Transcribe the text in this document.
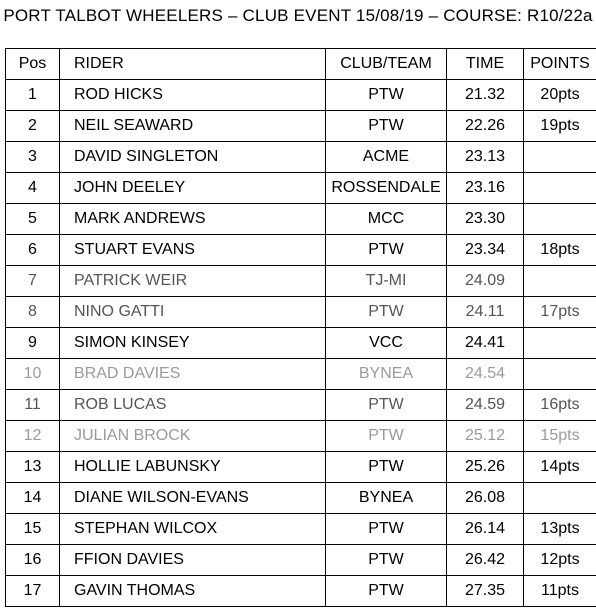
PORT TALBOT WHEELERS – CLUB EVENT 15/08/19 – COURSE: R10/22a
Pos	RIDER	CLUB/TEAM	TIME	POINTS
1	ROD HICKS	PTW	21.32	20pts
2	NEIL SEAWARD	PTW	22.26	19pts
3	DAVID SINGLETON	ACME	23.13	
4	JOHN DEELEY	ROSSENDALE	23.16	
5	MARK ANDREWS	MCC	23.30	
6	STUART EVANS	PTW	23.34	18pts
7	PATRICK WEIR	TJ-MI	24.09	
8	NINO GATTI	PTW	24.11	17pts
9	SIMON KINSEY	VCC	24.41	
10	BRAD DAVIES	BYNEA	24.54	
11	ROB LUCAS	PTW	24.59	16pts
12	JULIAN BROCK	PTW	25.12	15pts
13	HOLLIE LABUNSKY	PTW	25.26	14pts
14	DIANE WILSON-EVANS	BYNEA	26.08	
15	STEPHAN WILCOX	PTW	26.14	13pts
16	FFION DAVIES	PTW	26.42	12pts
17	GAVIN THOMAS	PTW	27.35	11pts
